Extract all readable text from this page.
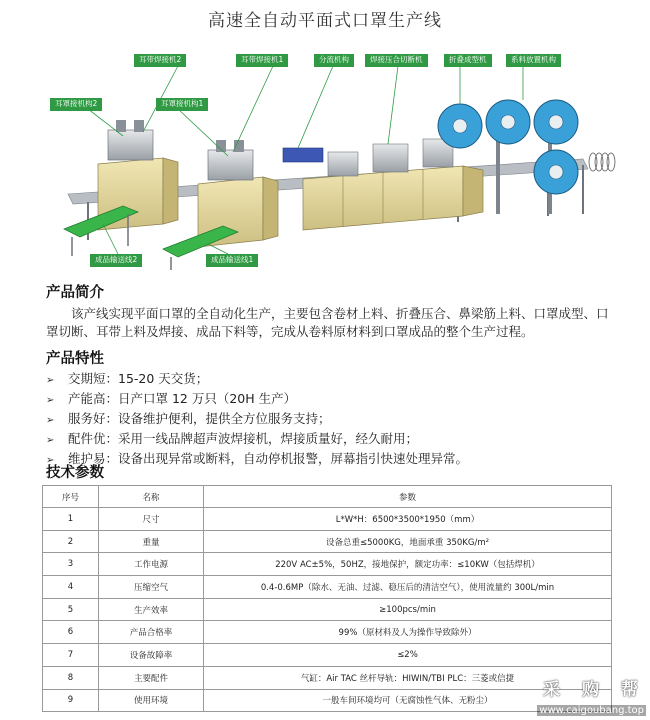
高速全自动平面式口罩生产线
耳带焊接机2	耳带焊接机1	分流机构	焊接压合切断机	折叠成型机	系料放置机构
耳罩接机构2	耳罩接机构1
成品输送线2	成品输送线1
产品简介
该产线实现平面口罩的全自动化生产，主要包含卷材上料、折叠压合、鼻梁筋上料、口罩成型、口罩切断、耳带上料及焊接、成品下料等，完成从卷料原材料到口罩成品的整个生产过程。
产品特性
➢ 交期短：15-20 天交货；
➢ 产能高：日产口罩 12 万只（20H 生产）
➢ 服务好：设备维护便利，提供全方位服务支持；
➢ 配件优：采用一线品牌超声波焊接机，焊接质量好，经久耐用；
➢ 维护易：设备出现异常或断料，自动停机报警，屏幕指引快速处理异常。
技术参数
序号	名称	参数
1	尺寸	L*W*H：6500*3500*1950（mm）
2	重量	设备总重≤5000KG，地面承重 350KG/m²
3	工作电源	220V AC±5%，50HZ，接地保护，额定功率：≤10KW（包括焊机）
4	压缩空气	0.4-0.6MP（除水、无油、过滤、稳压后的清洁空气），使用流量约 300L/min
5	生产效率	≥100pcs/min
6	产品合格率	99%（原材料及人为操作导致除外）
7	设备故障率	≤2%
8	主要配件	气缸：Air TAC 丝杆导轨：HIWIN/TBI PLC：三菱或信捷
9	使用环境	一般车间环境均可（无腐蚀性气体、无粉尘）
采 购 帮
www.caigoubang.top
